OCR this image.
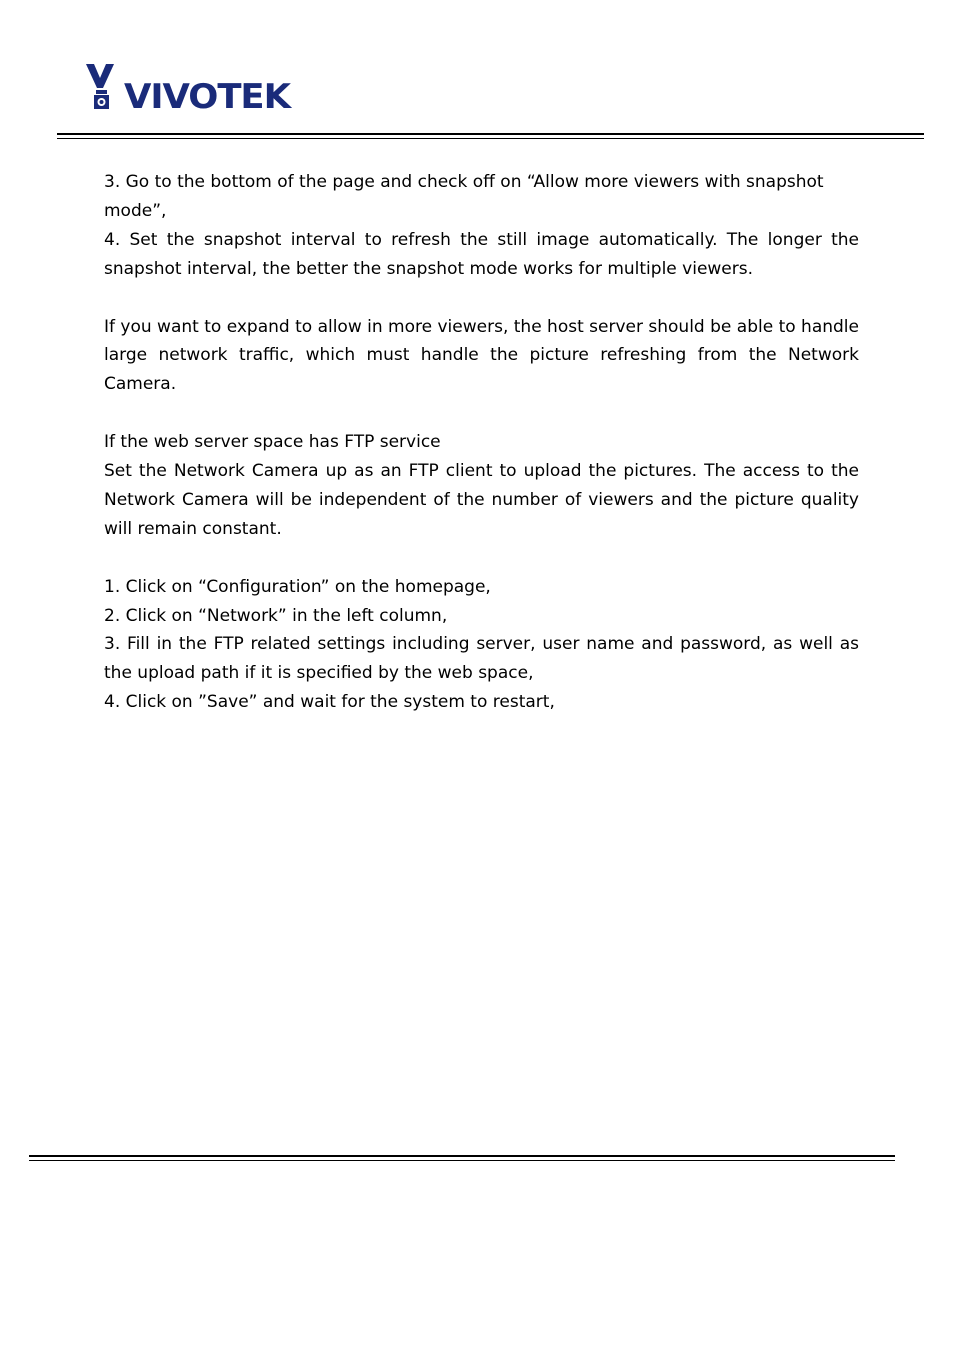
VIVOTEK

3. Go to the bottom of the page and check off on “Allow more viewers with snapshot mode”,

4. Set the snapshot interval to refresh the still image automatically. The longer the snapshot interval, the better the snapshot mode works for multiple viewers.

If you want to expand to allow in more viewers, the host server should be able to handle large network traffic, which must handle the picture refreshing from the Network Camera.

If the web server space has FTP service

Set the Network Camera up as an FTP client to upload the pictures. The access to the Network Camera will be independent of the number of viewers and the picture quality will remain constant.

1. Click on “Configuration” on the homepage,

2. Click on “Network” in the left column,

3. Fill in the FTP related settings including server, user name and password, as well as the upload path if it is specified by the web space,

4. Click on ”Save” and wait for the system to restart,
